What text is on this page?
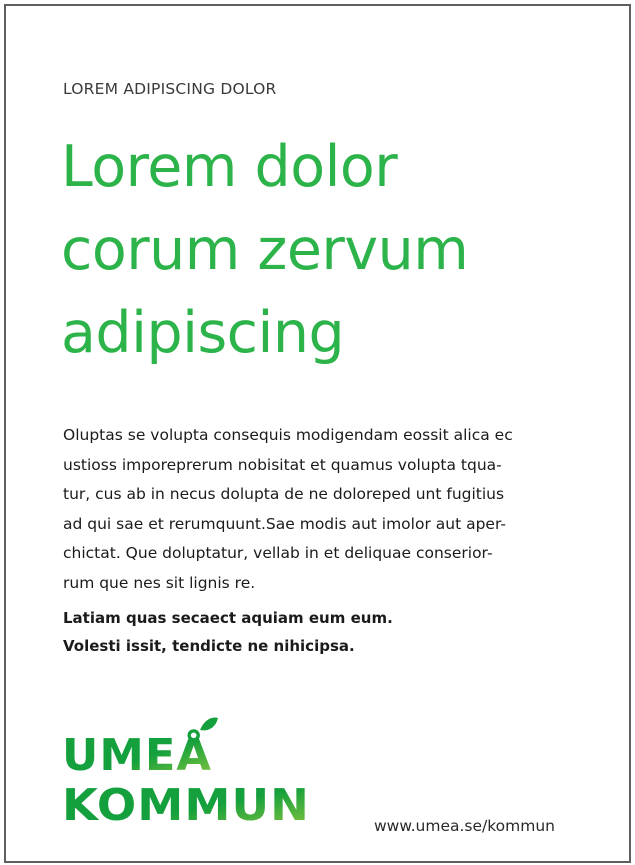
LOREM ADIPISCING DOLOR
Lorem dolor
corum zervum
adipiscing

Oluptas se volupta consequis modigendam eossit alica ec
ustioss imporeprerum nobisitat et quamus volupta tqua-
tur, cus ab in necus dolupta de ne doloreped unt fugitius
ad qui sae et rerumquunt.Sae modis aut imolor aut aper-
chictat. Que doluptatur, vellab in et deliquae conserior-
rum que nes sit lignis re.

Latiam quas secaect aquiam eum eum.
Volesti issit, tendicte ne nihicipsa.

UMEÅ
KOMMUN	www.umea.se/kommun
